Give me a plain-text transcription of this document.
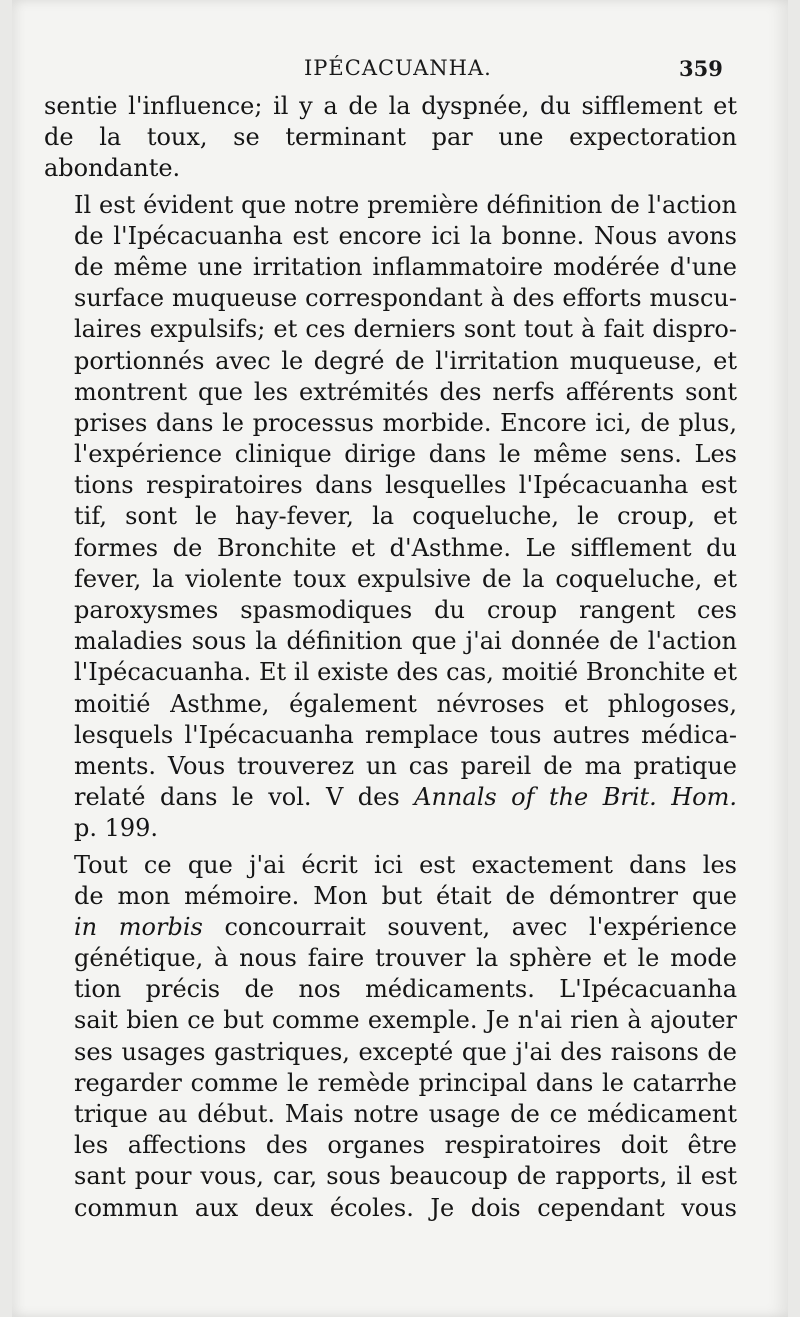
IPÉCACUANHA.	359

sentie l'influence; il y a de la dyspnée, du sifflement et
de la toux, se terminant par une expectoration
abondante.

Il est évident que notre première définition de l'action
de l'Ipécacuanha est encore ici la bonne. Nous avons
de même une irritation inflammatoire modérée d'une
surface muqueuse correspondant à des efforts muscu-
laires expulsifs; et ces derniers sont tout à fait dispro-
portionnés avec le degré de l'irritation muqueuse, et
montrent que les extrémités des nerfs afférents sont
prises dans le processus morbide. Encore ici, de plus,
l'expérience clinique dirige dans le même sens. Les
tions respiratoires dans lesquelles l'Ipécacuanha est
tif, sont le hay-fever, la coqueluche, le croup, et
formes de Bronchite et d'Asthme. Le sifflement du
fever, la violente toux expulsive de la coqueluche, et
paroxysmes spasmodiques du croup rangent ces
maladies sous la définition que j'ai donnée de l'action
l'Ipécacuanha. Et il existe des cas, moitié Bronchite et
moitié Asthme, également névroses et phlogoses,
lesquels l'Ipécacuanha remplace tous autres médica-
ments. Vous trouverez un cas pareil de ma pratique
relaté dans le vol. V des Annals of the Brit. Hom.
p. 199.

Tout ce que j'ai écrit ici est exactement dans les
de mon mémoire. Mon but était de démontrer que
in morbis concourrait souvent, avec l'expérience
génétique, à nous faire trouver la sphère et le mode
tion précis de nos médicaments. L'Ipécacuanha
sait bien ce but comme exemple. Je n'ai rien à ajouter
ses usages gastriques, excepté que j'ai des raisons de
regarder comme le remède principal dans le catarrhe
trique au début. Mais notre usage de ce médicament
les affections des organes respiratoires doit être
sant pour vous, car, sous beaucoup de rapports, il est
commun aux deux écoles. Je dois cependant vous
